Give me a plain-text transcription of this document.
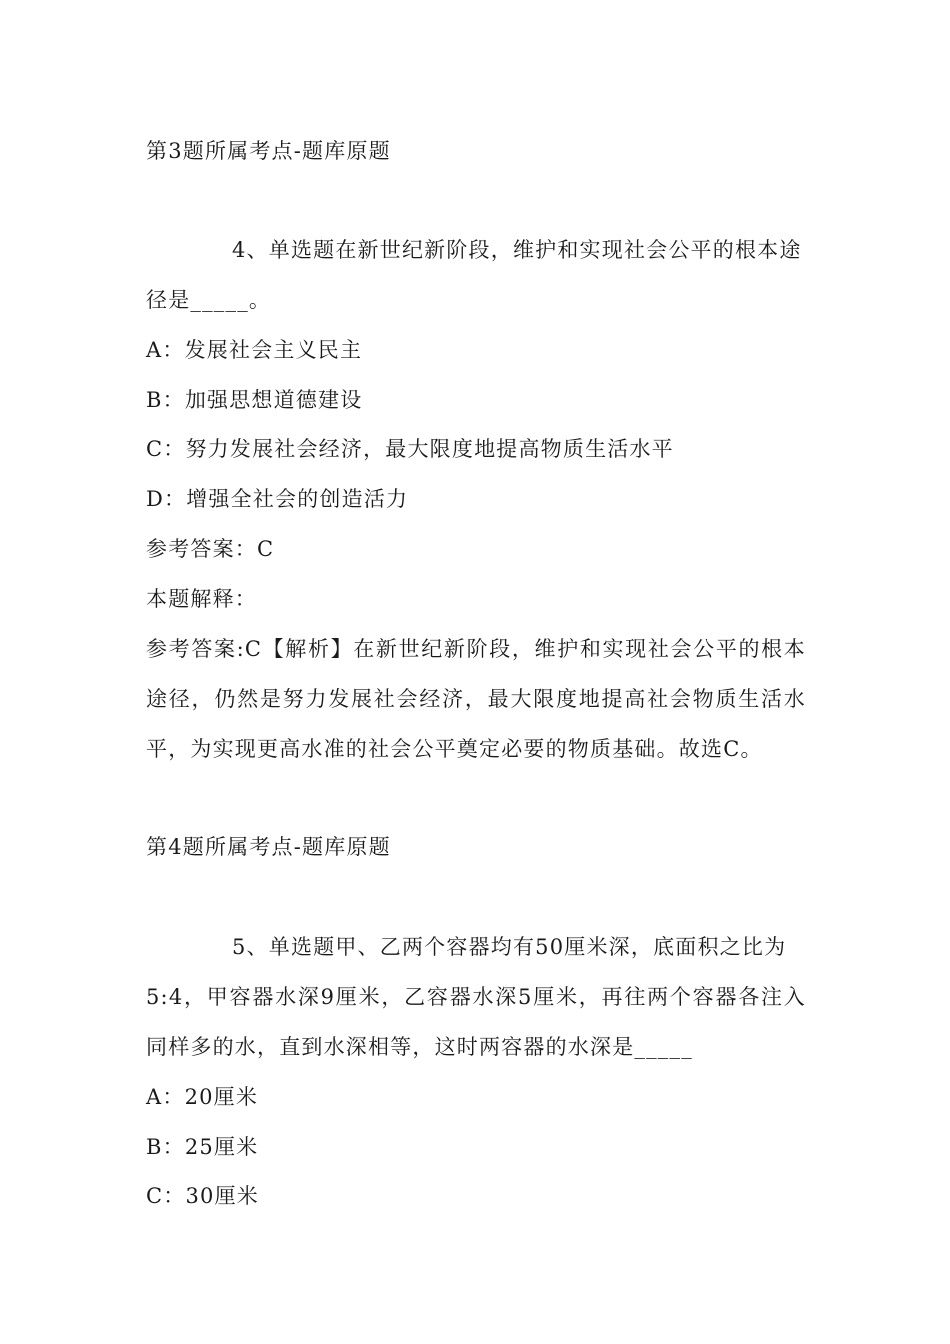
第3题所属考点-题库原题
4、单选题在新世纪新阶段，维护和实现社会公平的根本途
径是_____。
A：发展社会主义民主
B：加强思想道德建设
C：努力发展社会经济，最大限度地提高物质生活水平
D：增强全社会的创造活力
参考答案：C
本题解释：
参考答案:C【解析】在新世纪新阶段，维护和实现社会公平的根本
途径，仍然是努力发展社会经济，最大限度地提高社会物质生活水
平，为实现更高水准的社会公平奠定必要的物质基础。故选C。
第4题所属考点-题库原题
5、单选题甲、乙两个容器均有50厘米深，底面积之比为
5:4，甲容器水深9厘米，乙容器水深5厘米，再往两个容器各注入
同样多的水，直到水深相等，这时两容器的水深是_____
A：20厘米
B：25厘米
C：30厘米
